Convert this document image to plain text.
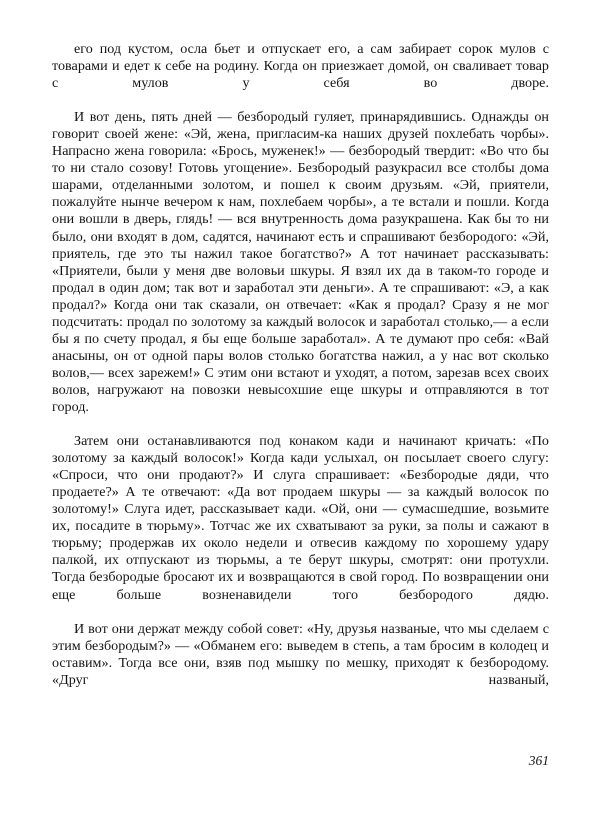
его под кустом, осла бьет и отпускает его, а сам забирает сорок мулов с товарами и едет к себе на родину. Когда он приезжает домой, он сваливает товар с мулов у себя во дворе.

И вот день, пять дней — безбородый гуляет, принарядившись. Однажды он говорит своей жене: «Эй, жена, пригласим-ка наших друзей похлебать чорбы». Напрасно жена говорила: «Брось, муженек!» — безбородый твердит: «Во что бы то ни стало созову! Готовь угощение». Безбородый разукрасил все столбы дома шарами, отделанными золотом, и пошел к своим друзьям. «Эй, приятели, пожалуйте нынче вечером к нам, похлебаем чорбы», а те встали и пошли. Когда они вошли в дверь, глядь! — вся внутренность дома разукрашена. Как бы то ни было, они входят в дом, садятся, начинают есть и спрашивают безбородого: «Эй, приятель, где это ты нажил такое богатство?» А тот начинает рассказывать: «Приятели, были у меня две воловьи шкуры. Я взял их да в таком-то городе и продал в один дом; так вот и заработал эти деньги». А те спрашивают: «Э, а как продал?» Когда они так сказали, он отвечает: «Как я продал? Сразу я не мог подсчитать: продал по золотому за каждый волосок и заработал столько,— а если бы я по счету продал, я бы еще больше заработал». А те думают про себя: «Вай анасыны, он от одной пары волов столько богатства нажил, а у нас вот сколько волов,— всех зарежем!» С этим они встают и уходят, а потом, зарезав всех своих волов, нагружают на повозки невысохшие еще шкуры и отправляются в тот город.

Затем они останавливаются под конаком кади и начинают кричать: «По золотому за каждый волосок!» Когда кади услыхал, он посылает своего слугу: «Спроси, что они продают?» И слуга спрашивает: «Безбородые дяди, что продаете?» А те отвечают: «Да вот продаем шкуры — за каждый волосок по золотому!» Слуга идет, рассказывает кади. «Ой, они — сумасшедшие, возьмите их, посадите в тюрьму». Тотчас же их схватывают за руки, за полы и сажают в тюрьму; продержав их около недели и отвесив каждому по хорошему удару палкой, их отпускают из тюрьмы, а те берут шкуры, смотрят: они протухли. Тогда безбородые бросают их и возвращаются в свой город. По возвращении они еще больше возненавидели того безбородого дядю.

И вот они держат между собой совет: «Ну, друзья названые, что мы сделаем с этим безбородым?» — «Обманем его: выведем в степь, а там бросим в колодец и оставим». Тогда все они, взяв под мышку по мешку, приходят к безбородому. «Друг названый,

361
